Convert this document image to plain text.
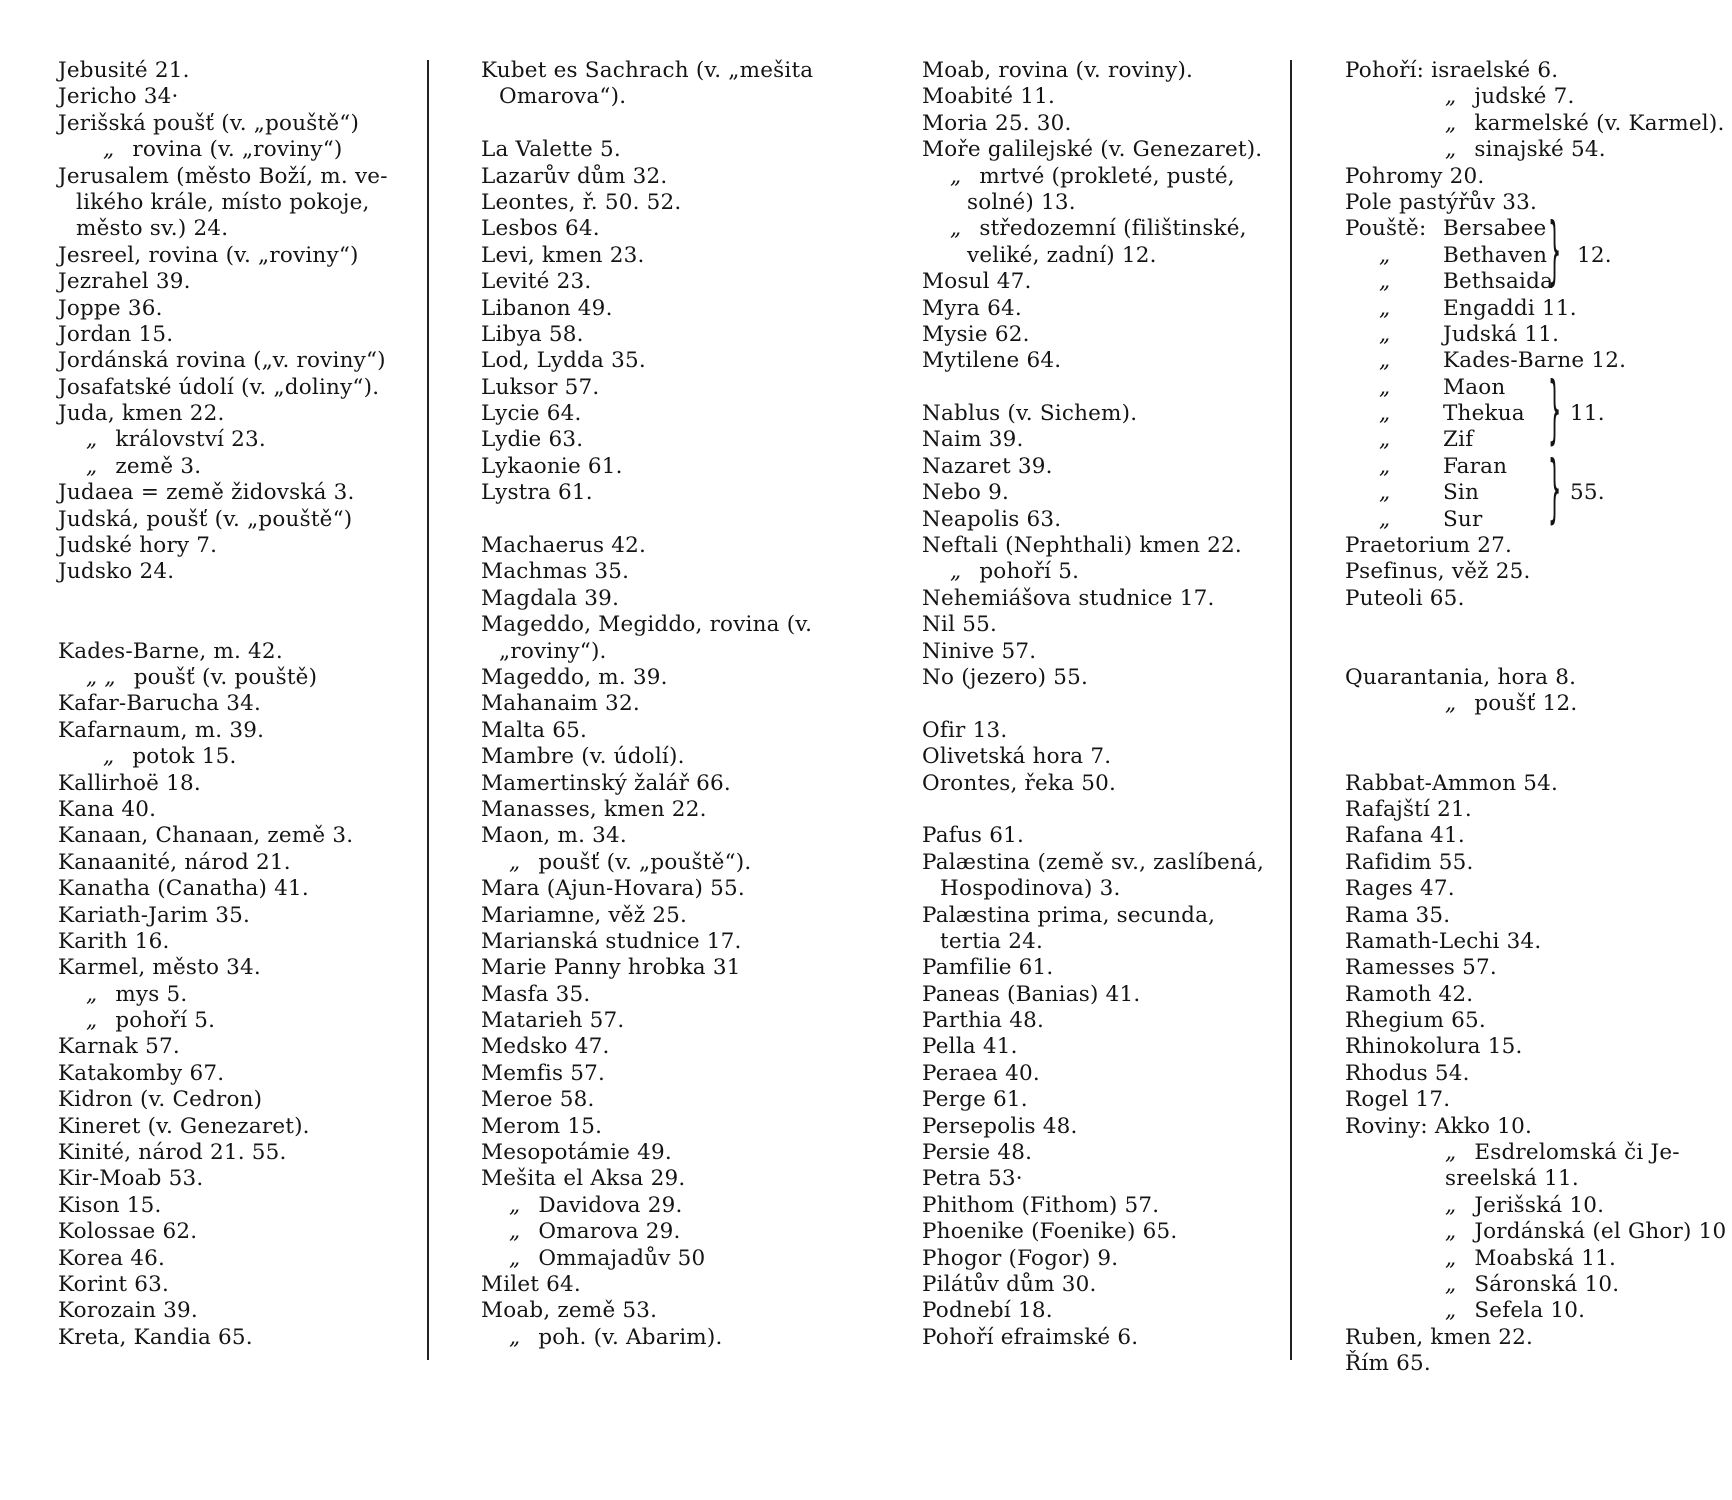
Jebusité 21.
Jericho 34·
Jerišská poušť (v. „pouště“)
„ rovina (v. „roviny“)
Jerusalem (město Boží, m. ve-
likého krále, místo pokoje,
město sv.) 24.
Jesreel, rovina (v. „roviny“)
Jezrahel 39.
Joppe 36.
Jordan 15.
Jordánská rovina („v. roviny“)
Josafatské údolí (v. „doliny“).
Juda, kmen 22.
„ království 23.
„ země 3.
Judaea = země židovská 3.
Judská, poušť (v. „pouště“)
Judské hory 7.
Judsko 24.
Kades-Barne, m. 42.
„ „ poušť (v. pouště)
Kafar-Barucha 34.
Kafarnaum, m. 39.
„ potok 15.
Kallirhoë 18.
Kana 40.
Kanaan, Chanaan, země 3.
Kanaanité, národ 21.
Kanatha (Canatha) 41.
Kariath-Jarim 35.
Karith 16.
Karmel, město 34.
„ mys 5.
„ pohoří 5.
Karnak 57.
Katakomby 67.
Kidron (v. Cedron)
Kineret (v. Genezaret).
Kinité, národ 21. 55.
Kir-Moab 53.
Kison 15.
Kolossae 62.
Korea 46.
Korint 63.
Korozain 39.
Kreta, Kandia 65.
Kubet es Sachrach (v. „mešita
Omarova“).
La Valette 5.
Lazarův dům 32.
Leontes, ř. 50. 52.
Lesbos 64.
Levi, kmen 23.
Levité 23.
Libanon 49.
Libya 58.
Lod, Lydda 35.
Luksor 57.
Lycie 64.
Lydie 63.
Lykaonie 61.
Lystra 61.
Machaerus 42.
Machmas 35.
Magdala 39.
Mageddo, Megiddo, rovina (v.
„roviny“).
Mageddo, m. 39.
Mahanaim 32.
Malta 65.
Mambre (v. údolí).
Mamertinský žalář 66.
Manasses, kmen 22.
Maon, m. 34.
„ poušť (v. „pouště“).
Mara (Ajun-Hovara) 55.
Mariamne, věž 25.
Marianská studnice 17.
Marie Panny hrobka 31
Masfa 35.
Matarieh 57.
Medsko 47.
Memfis 57.
Meroe 58.
Merom 15.
Mesopotámie 49.
Mešita el Aksa 29.
„ Davidova 29.
„ Omarova 29.
„ Ommajadův 50
Milet 64.
Moab, země 53.
„ poh. (v. Abarim).
Moab, rovina (v. roviny).
Moabité 11.
Moria 25. 30.
Moře galilejské (v. Genezaret).
„ mrtvé (prokleté, pusté,
solné) 13.
„ středozemní (filištinské,
veliké, zadní) 12.
Mosul 47.
Myra 64.
Mysie 62.
Mytilene 64.
Nablus (v. Sichem).
Naim 39.
Nazaret 39.
Nebo 9.
Neapolis 63.
Neftali (Nephthali) kmen 22.
„ pohoří 5.
Nehemiášova studnice 17.
Nil 55.
Ninive 57.
No (jezero) 55.
Ofir 13.
Olivetská hora 7.
Orontes, řeka 50.
Pafus 61.
Palæstina (země sv., zaslíbená,
Hospodinova) 3.
Palæstina prima, secunda,
tertia 24.
Pamfilie 61.
Paneas (Banias) 41.
Parthia 48.
Pella 41.
Peraea 40.
Perge 61.
Persepolis 48.
Persie 48.
Petra 53·
Phithom (Fithom) 57.
Phoenike (Foenike) 65.
Phogor (Fogor) 9.
Pilátův dům 30.
Podnebí 18.
Pohoří efraimské 6.
Pohoří: israelské 6.
„ judské 7.
„ karmelské (v. Karmel).
„ sinajské 54.
Pohromy 20.
Pole pastýřův 33.
Pouště: Bersabee
„	Bethaven
„	Bethsaida
} 12.
„	Engaddi 11.
„	Judská 11.
„	Kades-Barne 12.
„	Maon
„	Thekua
„	Zif	} 11.
„	Faran
„	Sin
„	Sur	} 55.
Praetorium 27.
Psefinus, věž 25.
Puteoli 65.
Quarantania, hora 8.
„ poušť 12.
Rabbat-Ammon 54.
Rafajští 21.
Rafana 41.
Rafidim 55.
Rages 47.
Rama 35.
Ramath-Lechi 34.
Ramesses 57.
Ramoth 42.
Rhegium 65.
Rhinokolura 15.
Rhodus 54.
Rogel 17.
Roviny: Akko 10.
„ Esdrelomská či Je-
sreelská 11.
„ Jerišská 10.
„ Jordánská (el Ghor) 10
„ Moabská 11.
„ Sáronská 10.
„ Sefela 10.
Ruben, kmen 22.
Řím 65.
